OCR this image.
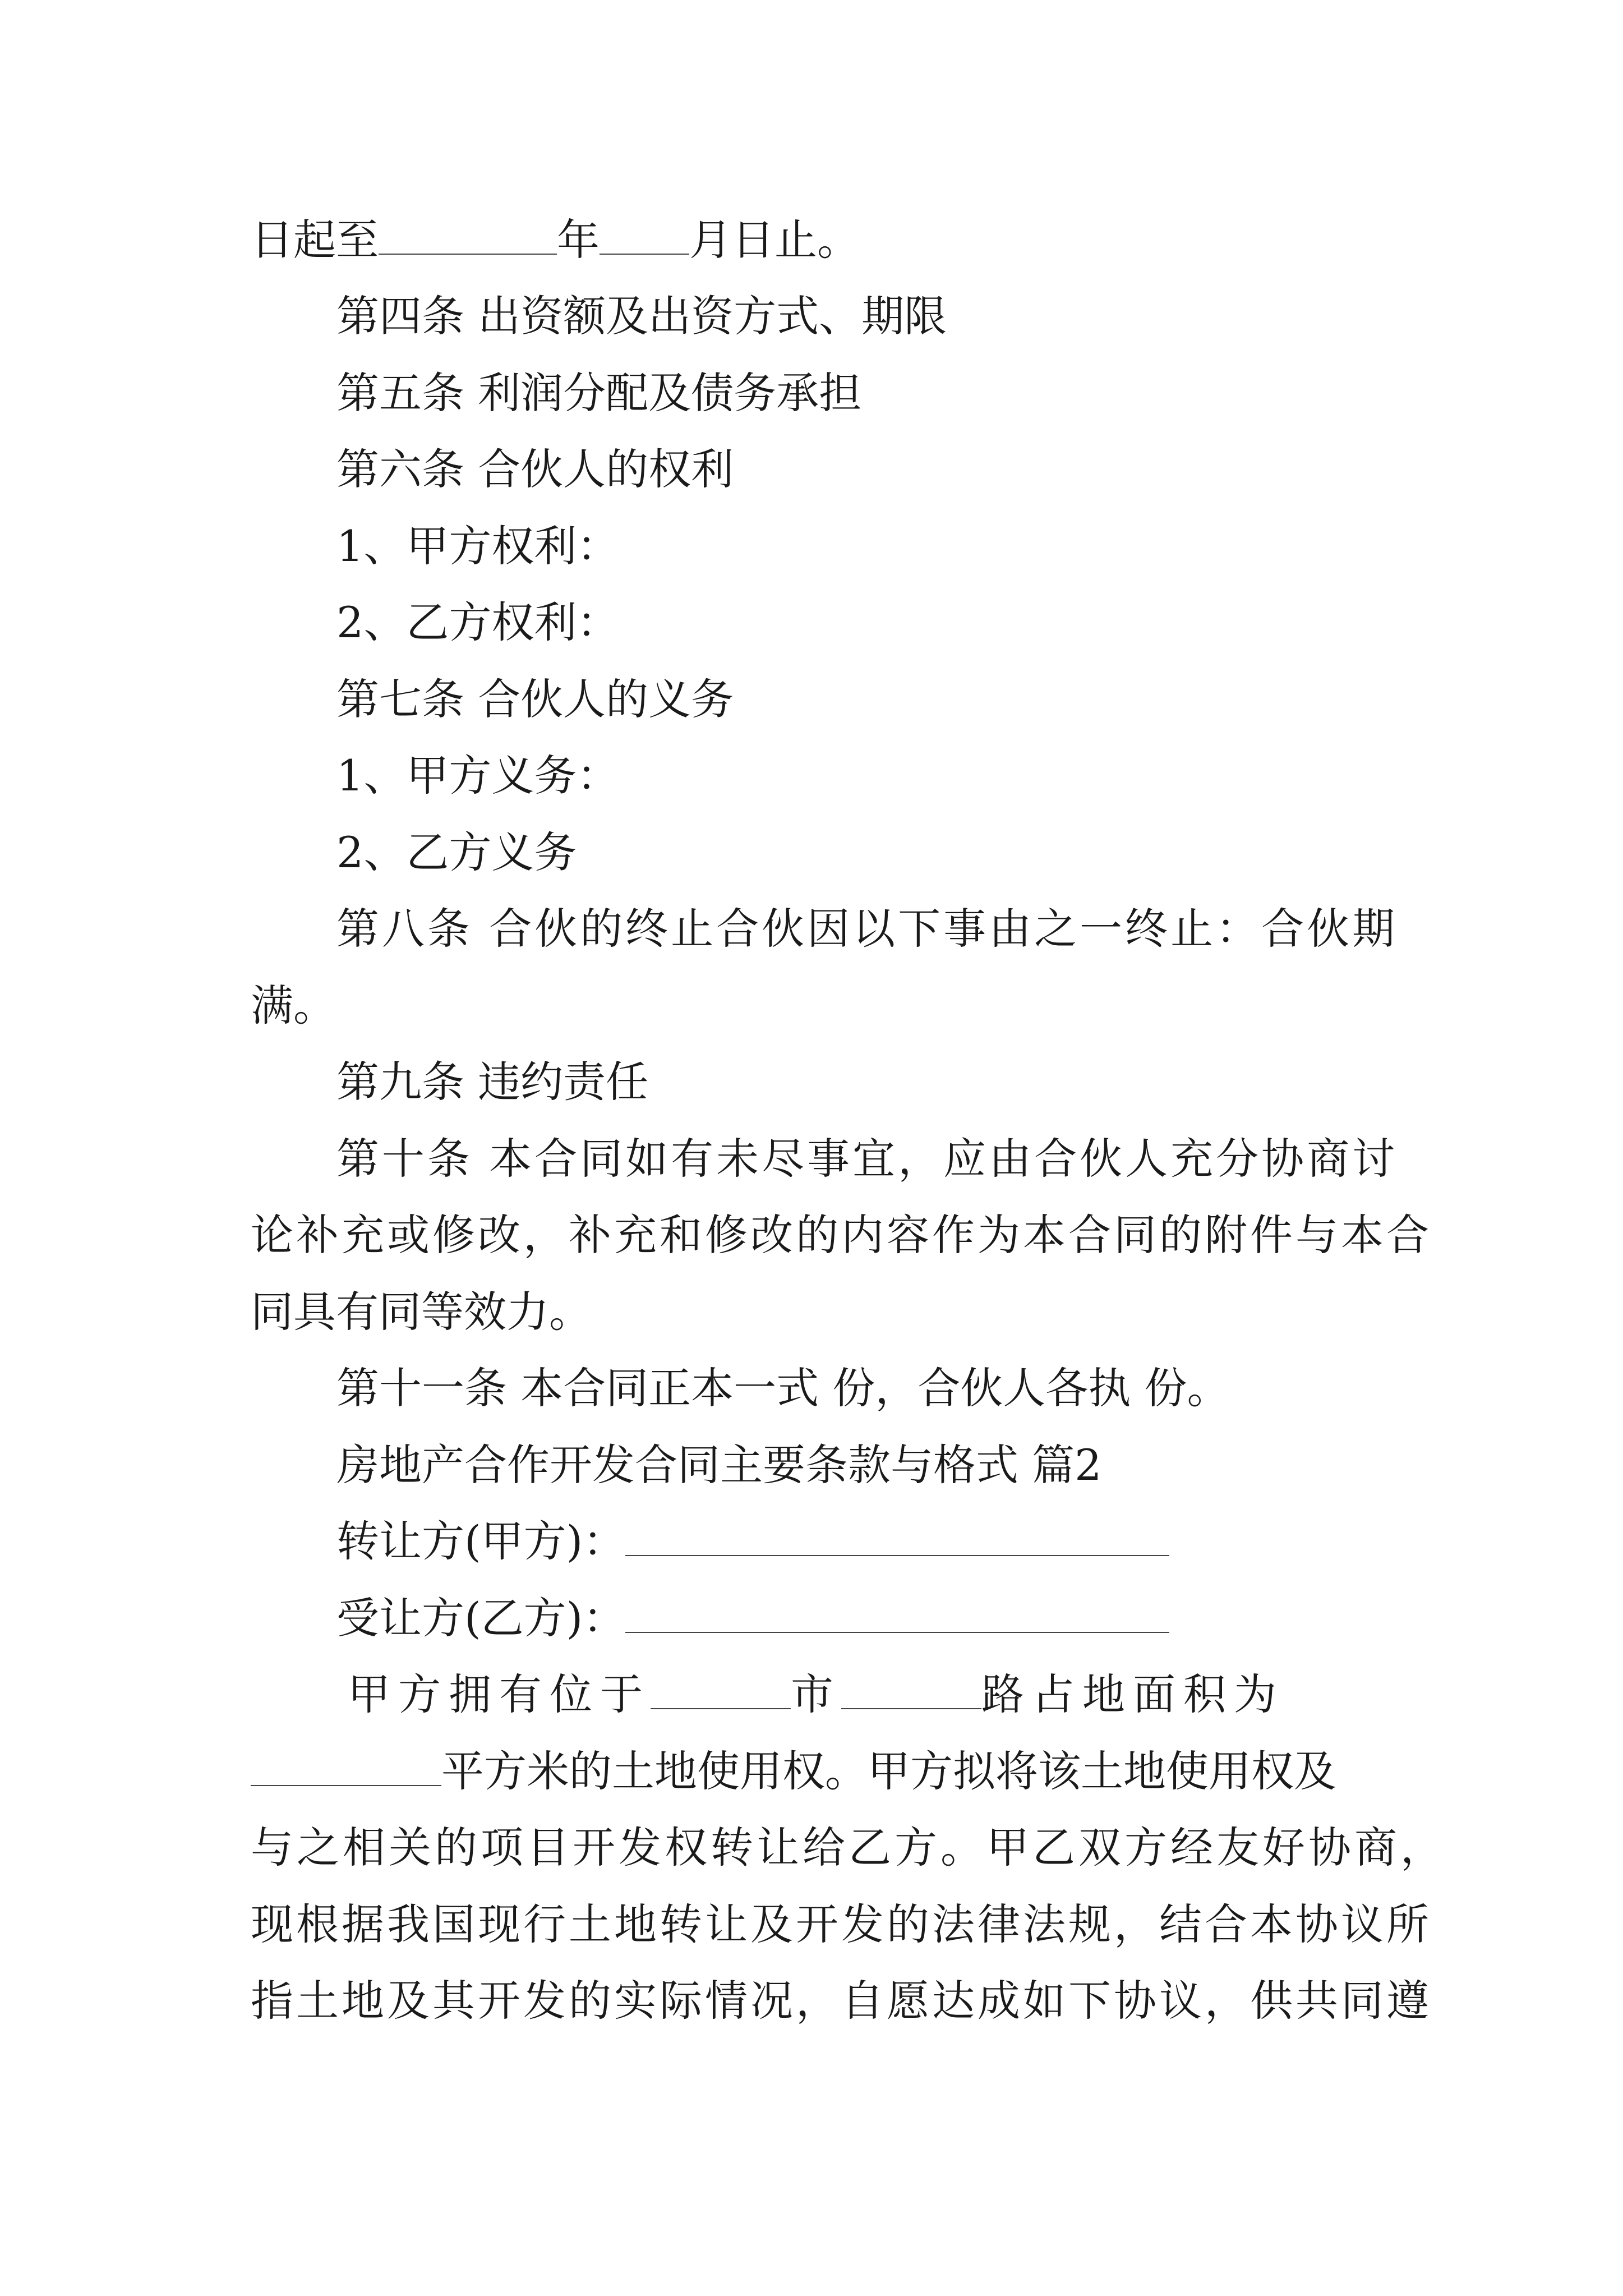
日起至	年 月日止。
第四条 出资额及出资方式、期限
第五条 利润分配及债务承担
第六条 合伙人的权利
1、甲方权利：
2、乙方权利：
第七条 合伙人的义务
1、甲方义务：
2、乙方义务
第八条 合伙的终止合伙因以下事由之一终止：合伙期
满。
第九条 违约责任
第十条 本合同如有未尽事宜，应由合伙人充分协商讨
论补充或修改，补充和修改的内容作为本合同的附件与本合
同具有同等效力。
第十一条 本合同正本一式 份，合伙人各执 份。
房地产合作开发合同主要条款与格式 篇2
转让方(甲方)：
受让方(乙方)：
甲方拥有位于	市	路占地面积为
平方米的土地使用权。甲方拟将该土地使用权及
与之相关的项目开发权转让给乙方。甲乙双方经友好协商，
现根据我国现行土地转让及开发的法律法规，结合本协议所
指土地及其开发的实际情况，自愿达成如下协议，供共同遵
